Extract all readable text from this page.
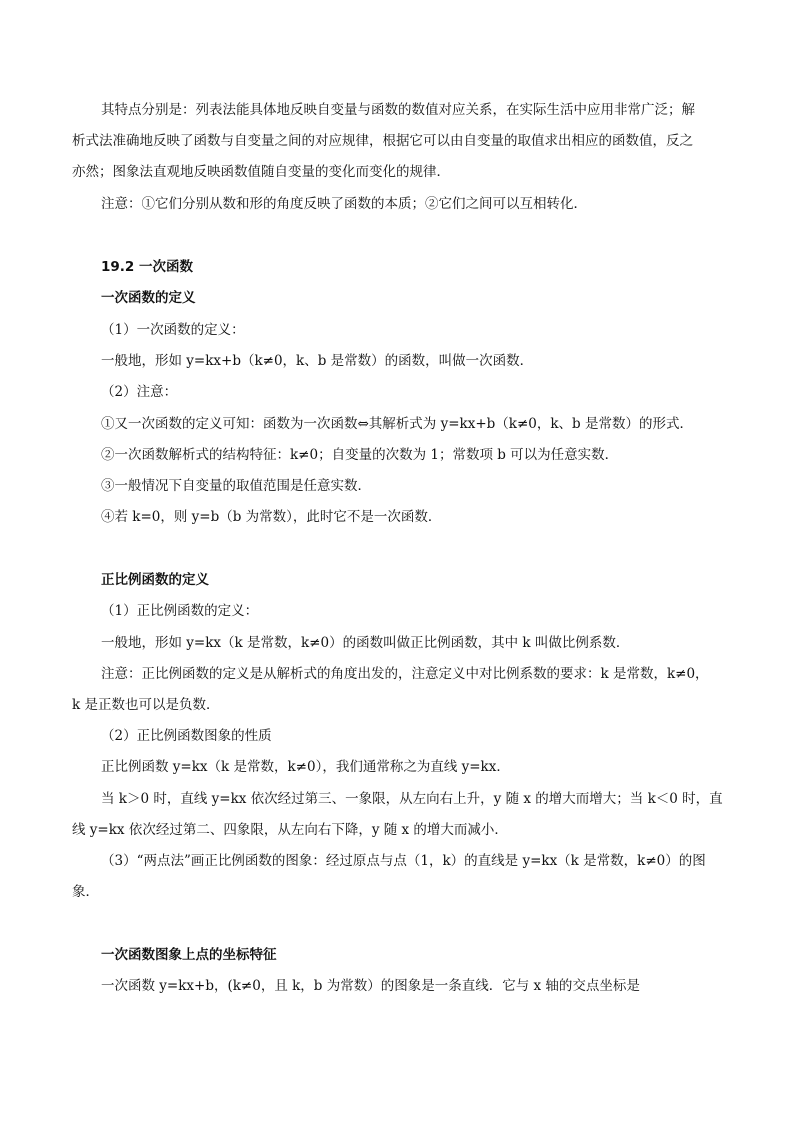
其特点分别是：列表法能具体地反映自变量与函数的数值对应关系，在实际生活中应用非常广泛；解
析式法准确地反映了函数与自变量之间的对应规律，根据它可以由自变量的取值求出相应的函数值，反之
亦然；图象法直观地反映函数值随自变量的变化而变化的规律．
注意：①它们分别从数和形的角度反映了函数的本质；②它们之间可以互相转化．
19.2 一次函数
一次函数的定义
（1）一次函数的定义：
一般地，形如 y=kx+b（k≠0，k、b 是常数）的函数，叫做一次函数．
（2）注意：
①又一次函数的定义可知：函数为一次函数⇔其解析式为 y=kx+b（k≠0，k、b 是常数）的形式．
②一次函数解析式的结构特征：k≠0；自变量的次数为 1；常数项 b 可以为任意实数．
③一般情况下自变量的取值范围是任意实数．
④若 k=0，则 y=b（b 为常数），此时它不是一次函数．
正比例函数的定义
（1）正比例函数的定义：
一般地，形如 y=kx（k 是常数，k≠0）的函数叫做正比例函数，其中 k 叫做比例系数．
注意：正比例函数的定义是从解析式的角度出发的，注意定义中对比例系数的要求：k 是常数，k≠0，
k 是正数也可以是负数．
（2）正比例函数图象的性质
正比例函数 y=kx（k 是常数，k≠0），我们通常称之为直线 y=kx．
当 k＞0 时，直线 y=kx 依次经过第三、一象限，从左向右上升，y 随 x 的增大而增大；当 k＜0 时，直
线 y=kx 依次经过第二、四象限，从左向右下降，y 随 x 的增大而减小．
（3）“两点法”画正比例函数的图象：经过原点与点（1，k）的直线是 y=kx（k 是常数，k≠0）的图
象．
一次函数图象上点的坐标特征
一次函数 y=kx+b，(k≠0，且 k，b 为常数）的图象是一条直线．它与 x 轴的交点坐标是
